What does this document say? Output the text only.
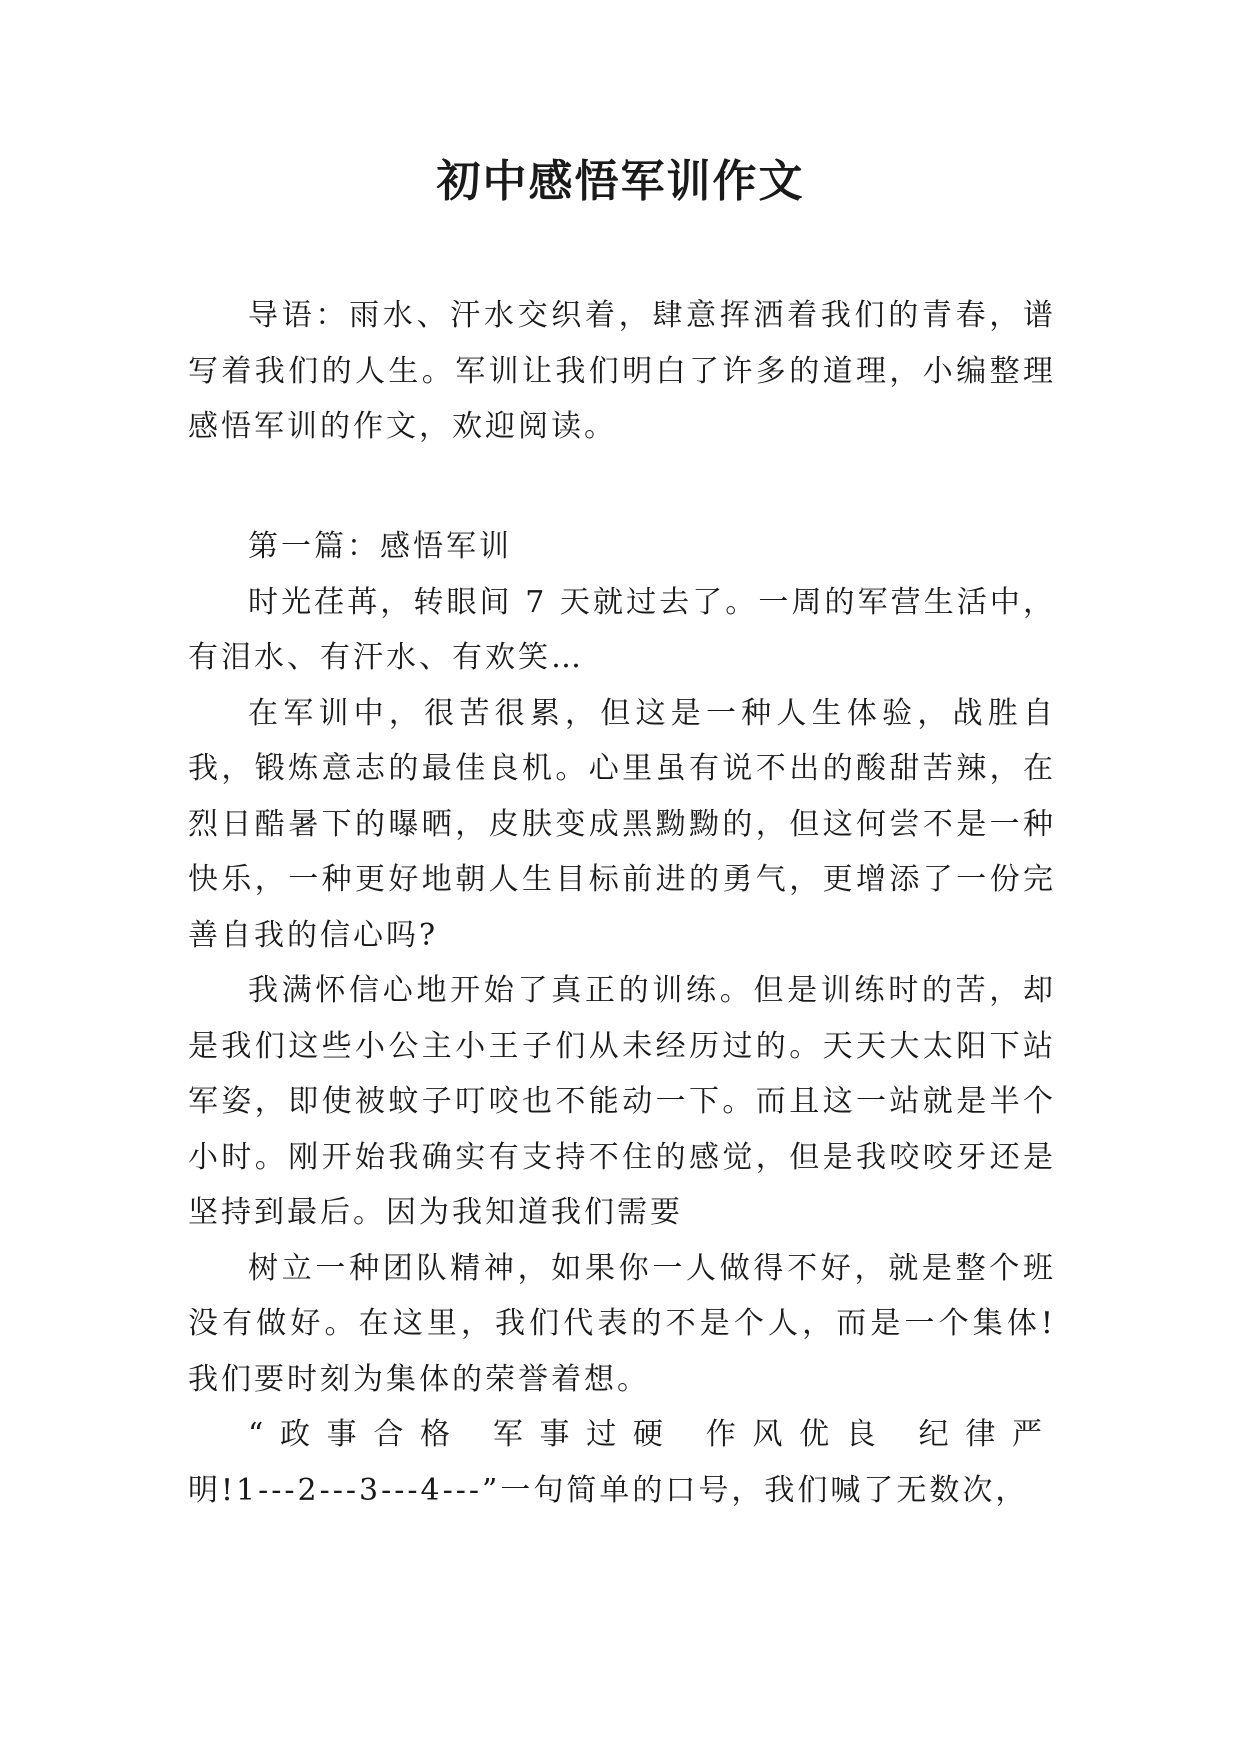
初中感悟军训作文

导语：雨水、汗水交织着，肆意挥洒着我们的青春，谱写着我们的人生。军训让我们明白了许多的道理，小编整理感悟军训的作文，欢迎阅读。

第一篇：感悟军训

时光荏苒，转眼间 7 天就过去了。一周的军营生活中，有泪水、有汗水、有欢笑…

在军训中，很苦很累，但这是一种人生体验，战胜自我，锻炼意志的最佳良机。心里虽有说不出的酸甜苦辣，在烈日酷暑下的曝晒，皮肤变成黑黝黝的，但这何尝不是一种快乐，一种更好地朝人生目标前进的勇气，更增添了一份完善自我的信心吗?

我满怀信心地开始了真正的训练。但是训练时的苦，却是我们这些小公主小王子们从未经历过的。天天大太阳下站军姿，即使被蚊子叮咬也不能动一下。而且这一站就是半个小时。刚开始我确实有支持不住的感觉，但是我咬咬牙还是坚持到最后。因为我知道我们需要

树立一种团队精神，如果你一人做得不好，就是整个班没有做好。在这里，我们代表的不是个人，而是一个集体!我们要时刻为集体的荣誉着想。

“政事合格 军事过硬 作风优良 纪律严明!1---2---3---4---”一句简单的口号，我们喊了无数次，
